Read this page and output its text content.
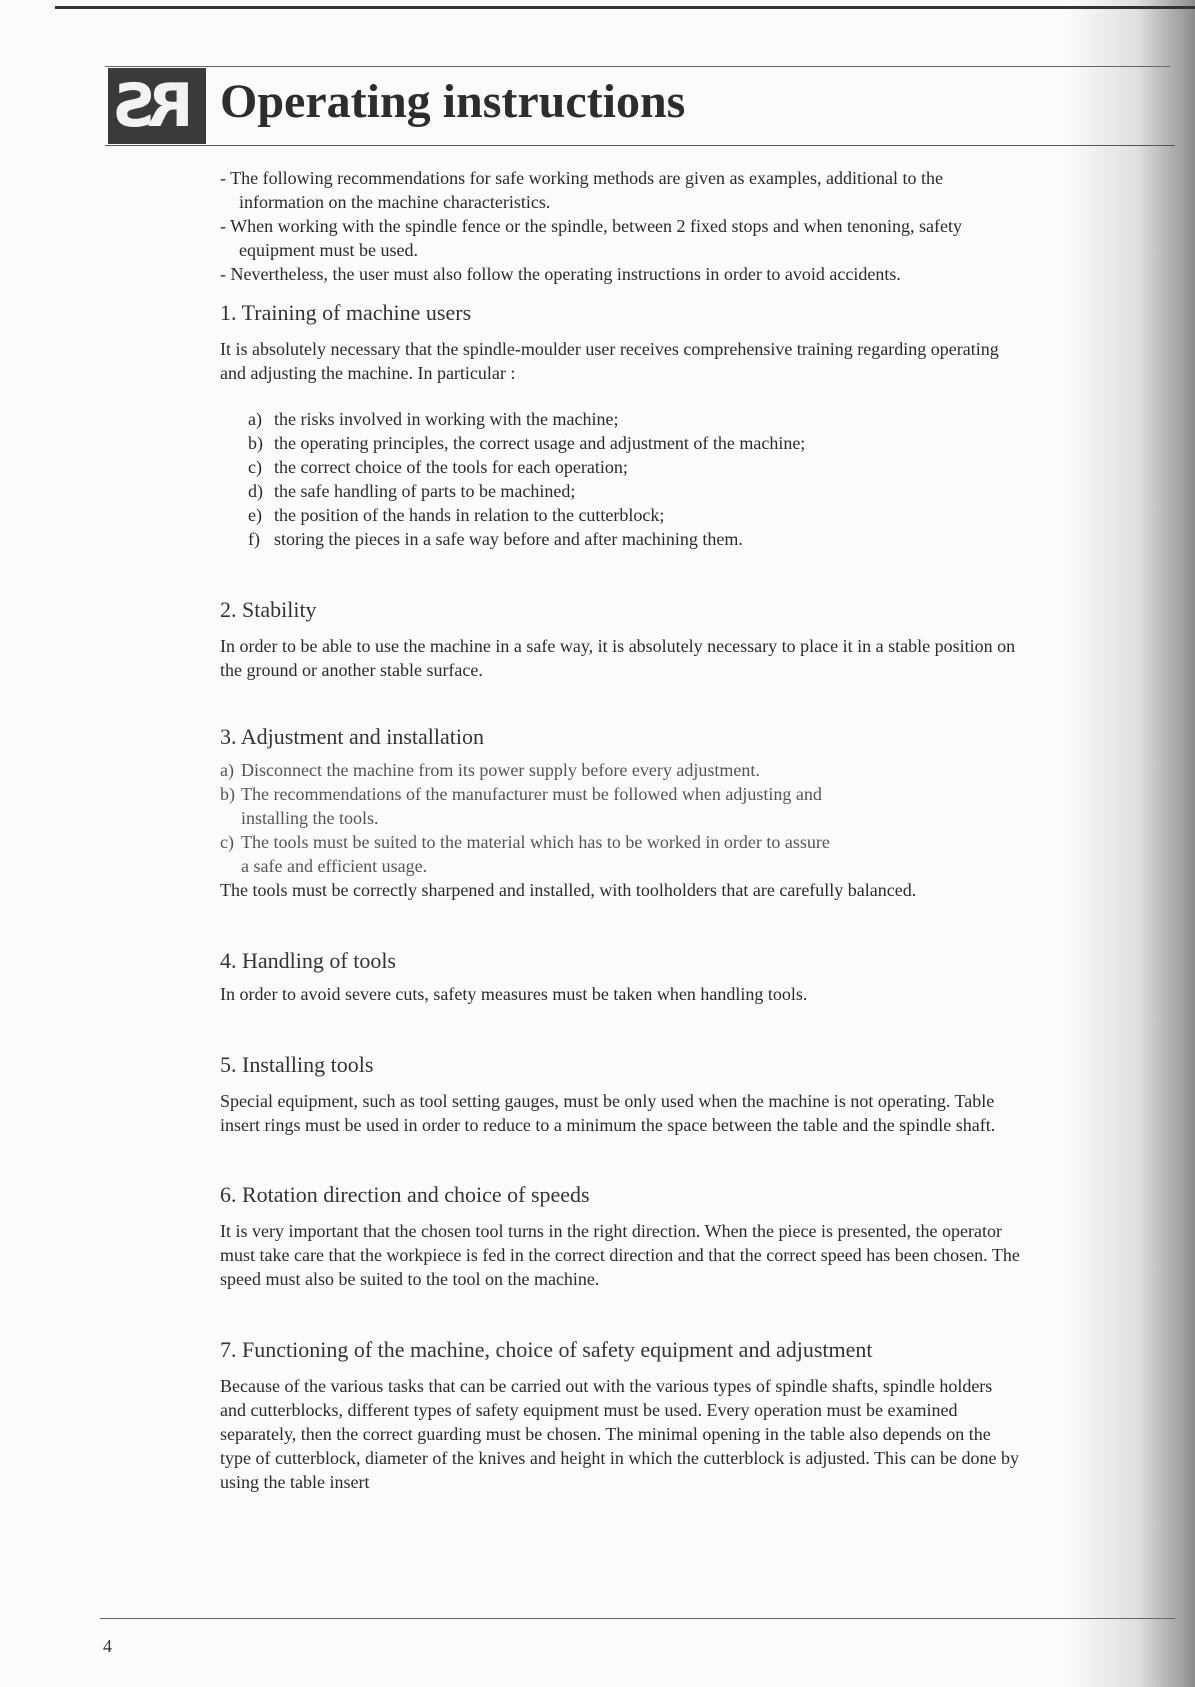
RS Operating instructions
- The following recommendations for safe working methods are given as examples, additional to the information on the machine characteristics.
- When working with the spindle fence or the spindle, between 2 fixed stops and when tenoning, safety equipment must be used.
- Nevertheless, the user must also follow the operating instructions in order to avoid accidents.
1. Training of machine users

It is absolutely necessary that the spindle-moulder user receives comprehensive training regarding operating and adjusting the machine. In particular :

a) the risks involved in working with the machine;
b) the operating principles, the correct usage and adjustment of the machine;
c) the correct choice of the tools for each operation;
d) the safe handling of parts to be machined;
e) the position of the hands in relation to the cutterblock;
f) storing the pieces in a safe way before and after machining them.
2. Stability

In order to be able to use the machine in a safe way, it is absolutely necessary to place it in a stable position on the ground or another stable surface.

3. Adjustment and installation
a) Disconnect the machine from its power supply before every adjustment.
b) The recommendations of the manufacturer must be followed when adjusting and installing the tools.
c) The tools must be suited to the material which has to be worked in order to assure a safe and efficient usage.

The tools must be correctly sharpened and installed, with toolholders that are carefully balanced.

4. Handling of tools

In order to avoid severe cuts, safety measures must be taken when handling tools.

5. Installing tools

Special equipment, such as tool setting gauges, must be only used when the machine is not operating. Table insert rings must be used in order to reduce to a minimum the space between the table and the spindle shaft.

6. Rotation direction and choice of speeds

It is very important that the chosen tool turns in the right direction. When the piece is presented, the operator must take care that the workpiece is fed in the correct direction and that the correct speed has been chosen. The speed must also be suited to the tool on the machine.

7. Functioning of the machine, choice of safety equipment and adjustment

Because of the various tasks that can be carried out with the various types of spindle shafts, spindle holders and cutterblocks, different types of safety equipment must be used. Every operation must be examined separately, then the correct guarding must be chosen. The minimal opening in the table also depends on the type of cutterblock, diameter of the knives and height in which the cutterblock is adjusted. This can be done by using the table insert

4
